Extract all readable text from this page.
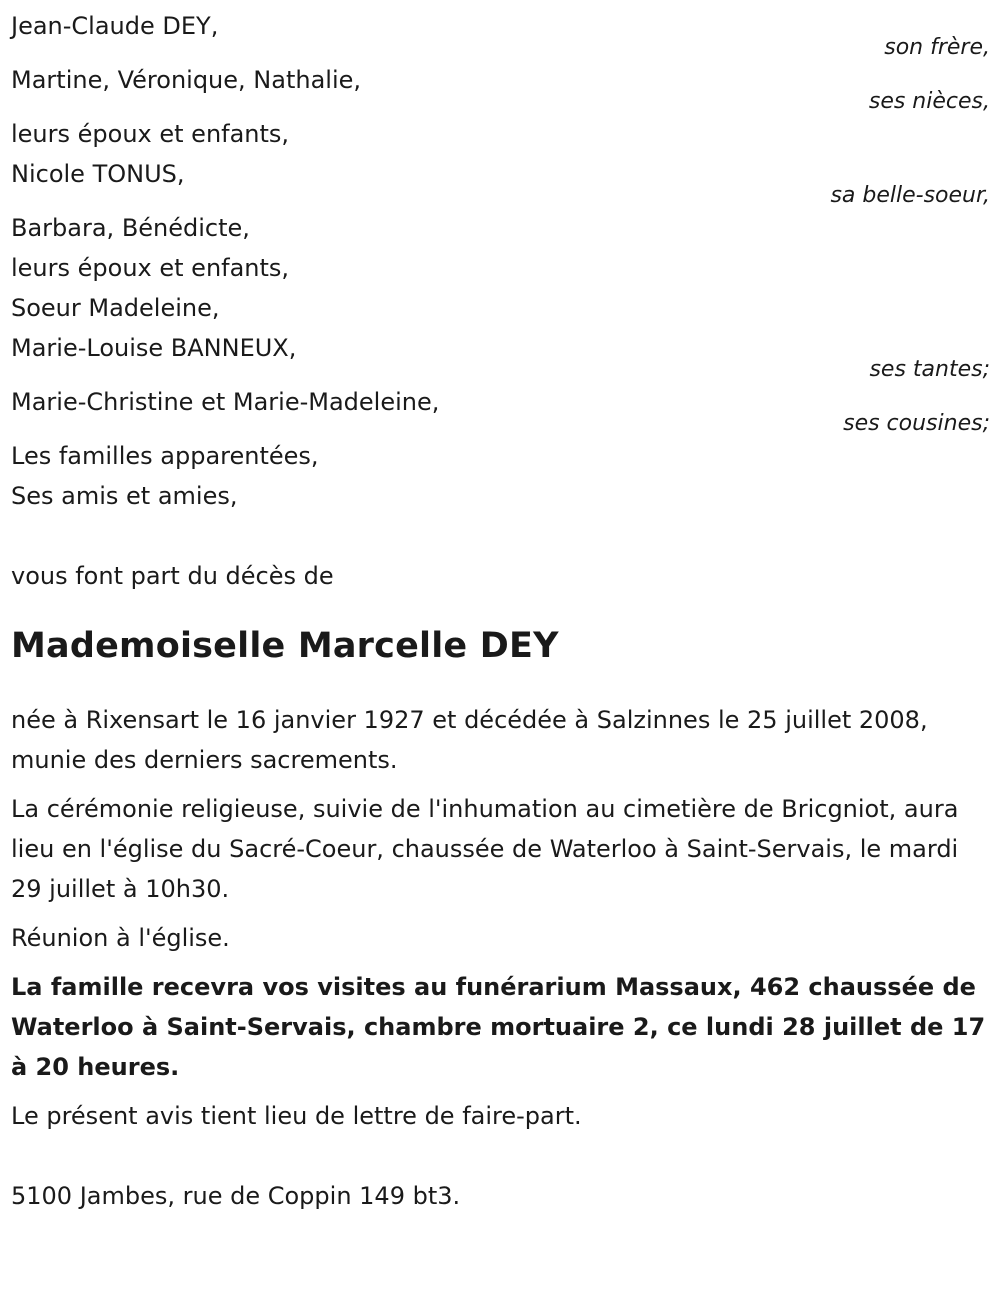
Jean-Claude DEY,
son frère,
Martine, Véronique, Nathalie,
ses nièces,
leurs époux et enfants,
Nicole TONUS,
sa belle-soeur,
Barbara, Bénédicte,
leurs époux et enfants,
Soeur Madeleine,
Marie-Louise BANNEUX,
ses tantes;
Marie-Christine et Marie-Madeleine,
ses cousines;
Les familles apparentées,
Ses amis et amies,
vous font part du décès de
Mademoiselle Marcelle DEY

née à Rixensart le 16 janvier 1927 et décédée à Salzinnes le 25 juillet 2008, munie des derniers sacrements.

La cérémonie religieuse, suivie de l'inhumation au cimetière de Bricgniot, aura lieu en l'église du Sacré-Coeur, chaussée de Waterloo à Saint-Servais, le mardi 29 juillet à 10h30.

Réunion à l'église.

La famille recevra vos visites au funérarium Massaux, 462 chaussée de Waterloo à Saint-Servais, chambre mortuaire 2, ce lundi 28 juillet de 17 à 20 heures.

Le présent avis tient lieu de lettre de faire-part.

5100 Jambes, rue de Coppin 149 bt3.
